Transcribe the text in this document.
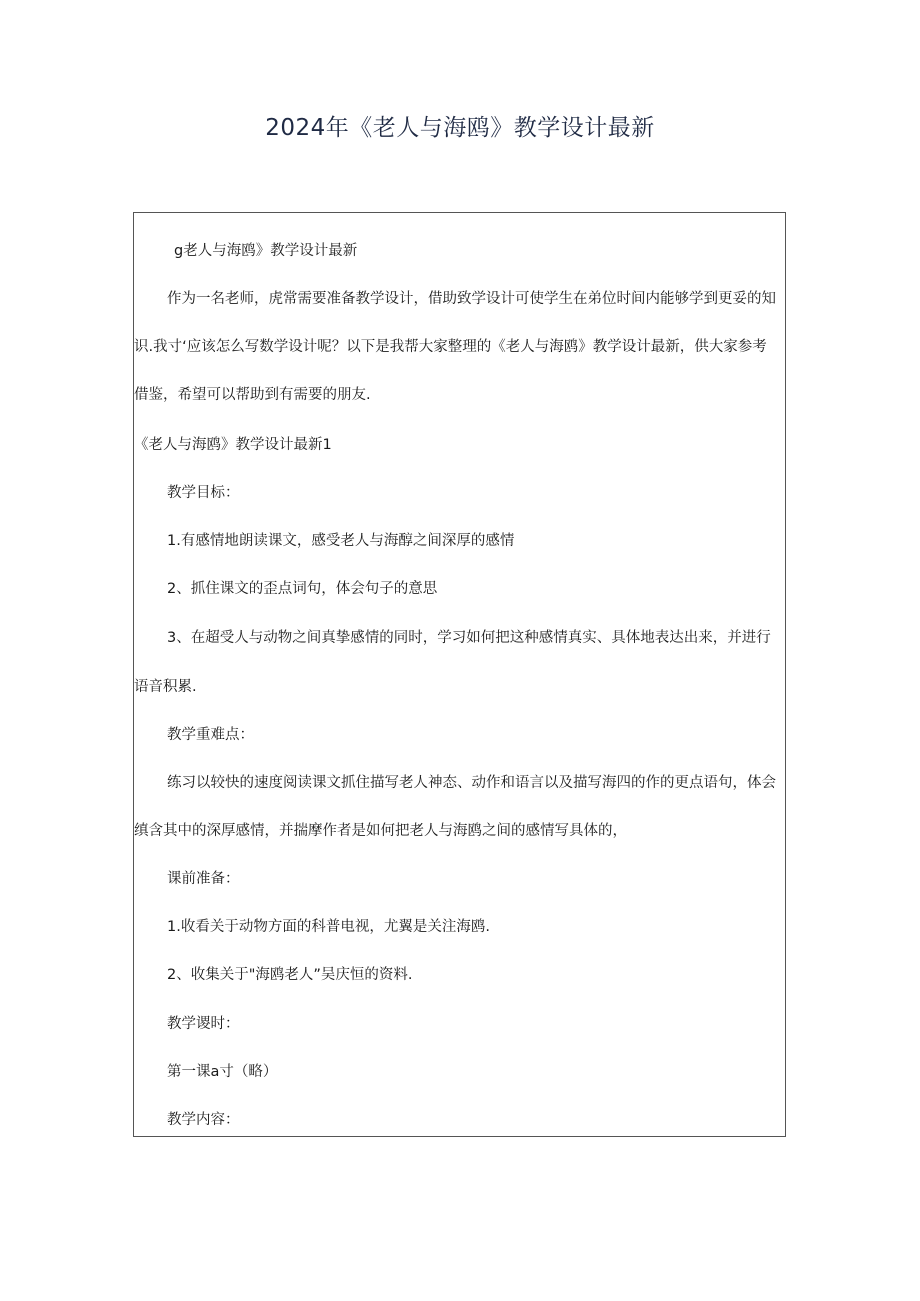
2024年《老人与海鸥》教学设计最新
g老人与海鸥》教学设计最新
作为一名老师，虎常需要准备教学设计，借助致学设计可使学生在弟位时间内能够学到更妥的知
识.我寸‘应该怎么写数学设计呢？以下是我帮大家整理的《老人与海鸥》教学设计最新，供大家参考
借鉴，希望可以帮助到有需要的朋友.
《老人与海鸥》教学设计最新1
教学目标：
1.有感情地朗读课文，感受老人与海醇之间深厚的感情
2、抓住课文的歪点词句，体会句子的意思
3、在超受人与动物之间真挚感情的同时，学习如何把这种感情真实、具体地表达出来，并进行
语音积累.
教学重难点：
练习以较快的速度阅读课文抓住描写老人神态、动作和语言以及描写海四的作的更点语句，体会
缜含其中的深厚感情，并揣摩作者是如何把老人与海鸥之间的感情写具体的，
课前准备：
1.收看关于动物方面的科普电视，尤翼是关注海鸥.
2、收集关于"海鸥老人”吴庆恒的资料.
教学谡时：
第一课a寸（略）
教学内容：
